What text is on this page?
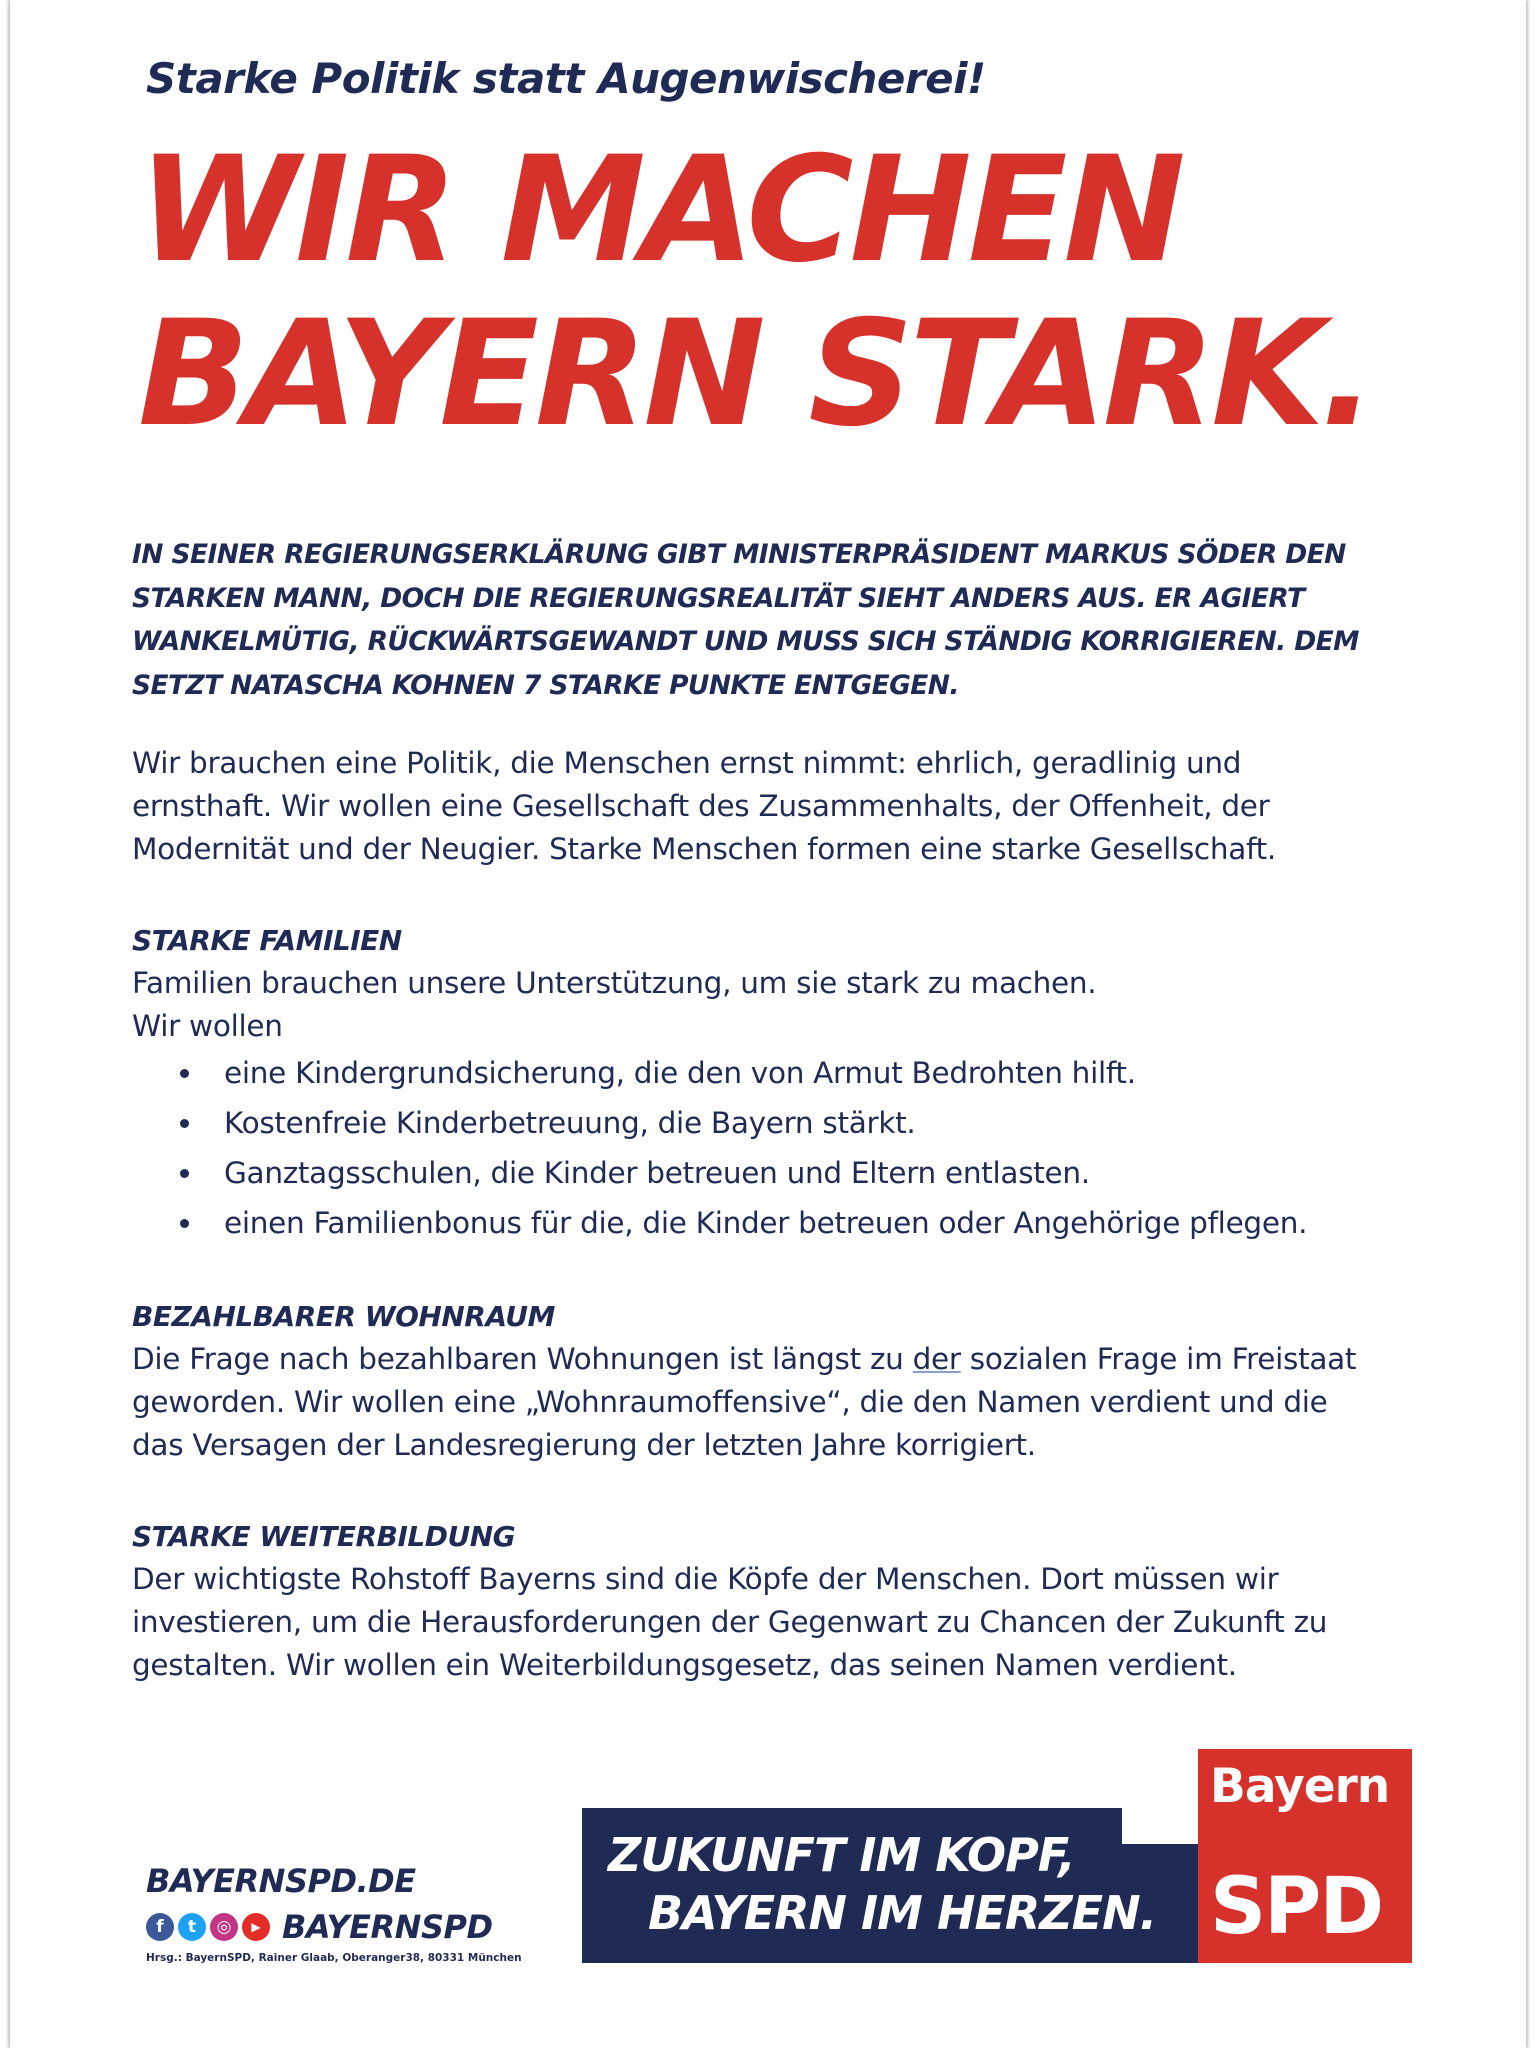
Starke Politik statt Augenwischerei!
WIR MACHEN
BAYERN STARK.
IN SEINER REGIERUNGSERKLÄRUNG GIBT MINISTERPRÄSIDENT MARKUS SÖDER DEN
STARKEN MANN, DOCH DIE REGIERUNGSREALITÄT SIEHT ANDERS AUS. ER AGIERT
WANKELMÜTIG, RÜCKWÄRTSGEWANDT UND MUSS SICH STÄNDIG KORRIGIEREN. DEM
SETZT NATASCHA KOHNEN 7 STARKE PUNKTE ENTGEGEN.
Wir brauchen eine Politik, die Menschen ernst nimmt: ehrlich, geradlinig und
ernsthaft. Wir wollen eine Gesellschaft des Zusammenhalts, der Offenheit, der
Modernität und der Neugier. Starke Menschen formen eine starke Gesellschaft.
STARKE FAMILIEN
Familien brauchen unsere Unterstützung, um sie stark zu machen.
Wir wollen
eine Kindergrundsicherung, die den von Armut Bedrohten hilft.
Kostenfreie Kinderbetreuung, die Bayern stärkt.
Ganztagsschulen, die Kinder betreuen und Eltern entlasten.
einen Familienbonus für die, die Kinder betreuen oder Angehörige pflegen.
BEZAHLBARER WOHNRAUM
Die Frage nach bezahlbaren Wohnungen ist längst zu der sozialen Frage im Freistaat
geworden. Wir wollen eine „Wohnraumoffensive“, die den Namen verdient und die
das Versagen der Landesregierung der letzten Jahre korrigiert.
STARKE WEITERBILDUNG
Der wichtigste Rohstoff Bayerns sind die Köpfe der Menschen. Dort müssen wir
investieren, um die Herausforderungen der Gegenwart zu Chancen der Zukunft zu
gestalten. Wir wollen ein Weiterbildungsgesetz, das seinen Namen verdient.
BAYERNSPD.DE
f	t	◎	▶ BAYERNSPD
Hrsg.: BayernSPD, Rainer Glaab, Oberanger38, 80331 München
ZUKUNFT IM KOPF,
BAYERN IM HERZEN.
Bayern
SPD
